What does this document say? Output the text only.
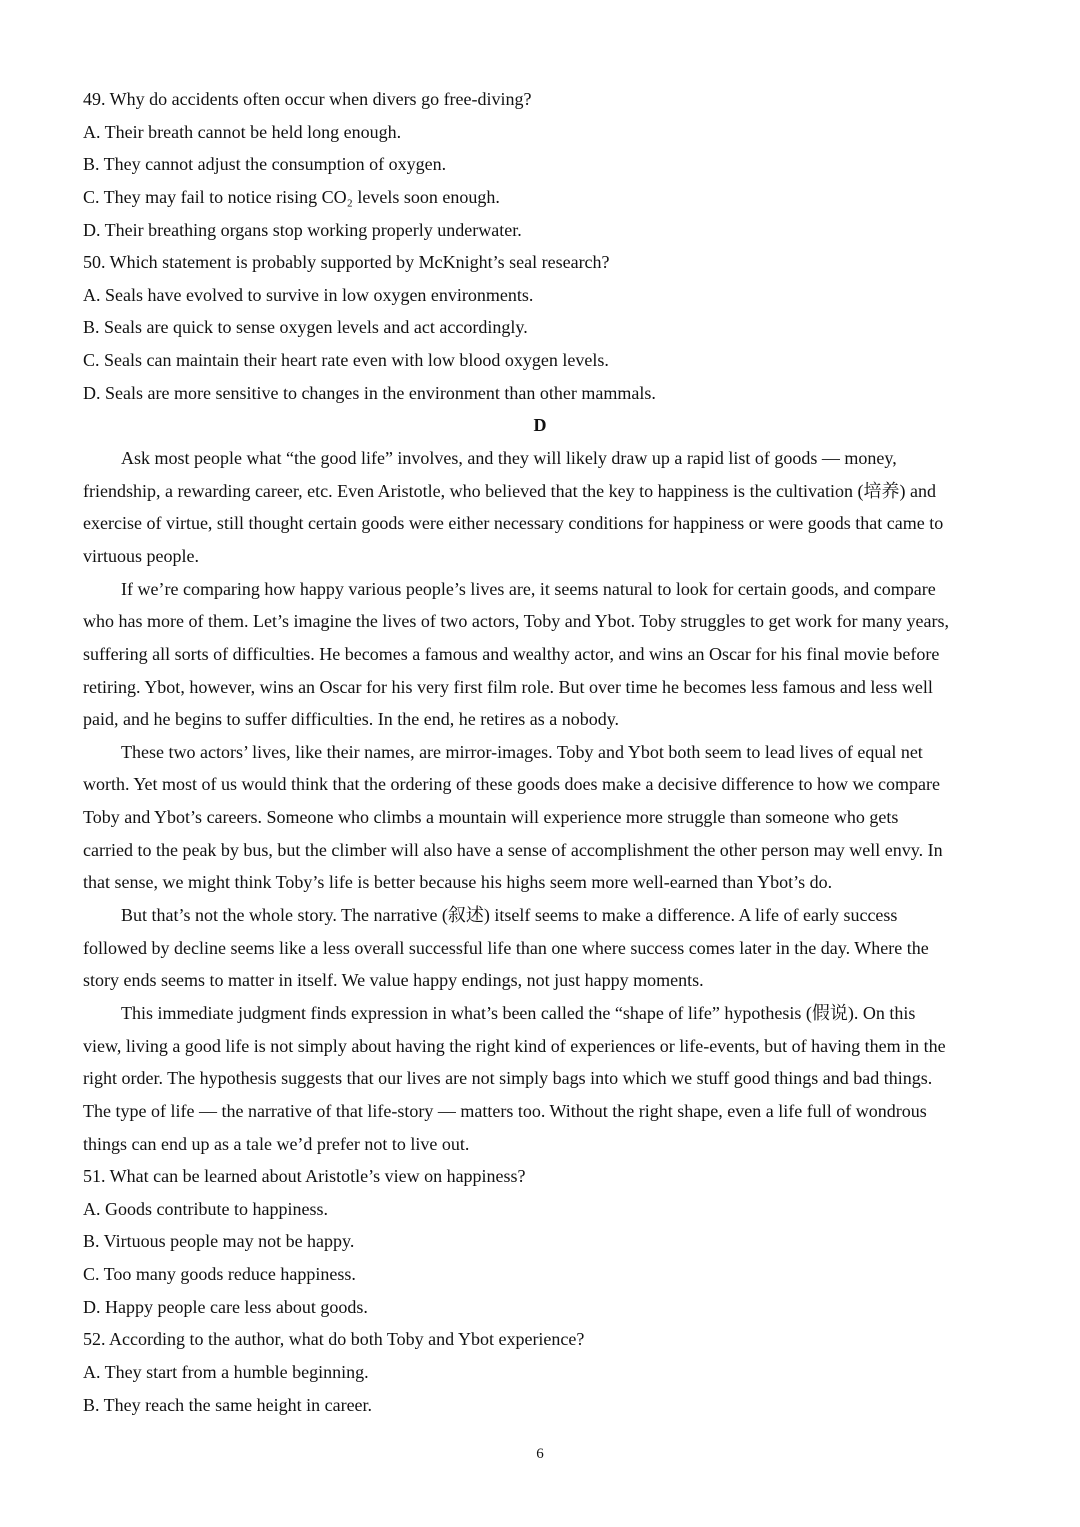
49. Why do accidents often occur when divers go free-diving?
A. Their breath cannot be held long enough.
B. They cannot adjust the consumption of oxygen.
C. They may fail to notice rising CO₂ levels soon enough.
D. Their breathing organs stop working properly underwater.
50. Which statement is probably supported by McKnight’s seal research?
A. Seals have evolved to survive in low oxygen environments.
B. Seals are quick to sense oxygen levels and act accordingly.
C. Seals can maintain their heart rate even with low blood oxygen levels.
D. Seals are more sensitive to changes in the environment than other mammals.
D
Ask most people what “the good life” involves, and they will likely draw up a rapid list of goods — money,
friendship, a rewarding career, etc. Even Aristotle, who believed that the key to happiness is the cultivation (培养) and
exercise of virtue, still thought certain goods were either necessary conditions for happiness or were goods that came to
virtuous people.
If we’re comparing how happy various people’s lives are, it seems natural to look for certain goods, and compare
who has more of them. Let’s imagine the lives of two actors, Toby and Ybot. Toby struggles to get work for many years,
suffering all sorts of difficulties. He becomes a famous and wealthy actor, and wins an Oscar for his final movie before
retiring. Ybot, however, wins an Oscar for his very first film role. But over time he becomes less famous and less well
paid, and he begins to suffer difficulties. In the end, he retires as a nobody.
These two actors’ lives, like their names, are mirror-images. Toby and Ybot both seem to lead lives of equal net
worth. Yet most of us would think that the ordering of these goods does make a decisive difference to how we compare
Toby and Ybot’s careers. Someone who climbs a mountain will experience more struggle than someone who gets
carried to the peak by bus, but the climber will also have a sense of accomplishment the other person may well envy. In
that sense, we might think Toby’s life is better because his highs seem more well-earned than Ybot’s do.
But that’s not the whole story. The narrative (叙述) itself seems to make a difference. A life of early success
followed by decline seems like a less overall successful life than one where success comes later in the day. Where the
story ends seems to matter in itself. We value happy endings, not just happy moments.
This immediate judgment finds expression in what’s been called the “shape of life” hypothesis (假说). On this
view, living a good life is not simply about having the right kind of experiences or life-events, but of having them in the
right order. The hypothesis suggests that our lives are not simply bags into which we stuff good things and bad things.
The type of life — the narrative of that life-story — matters too. Without the right shape, even a life full of wondrous
things can end up as a tale we’d prefer not to live out.
51. What can be learned about Aristotle’s view on happiness?
A. Goods contribute to happiness.
B. Virtuous people may not be happy.
C. Too many goods reduce happiness.
D. Happy people care less about goods.
52. According to the author, what do both Toby and Ybot experience?
A. They start from a humble beginning.
B. They reach the same height in career.
6
